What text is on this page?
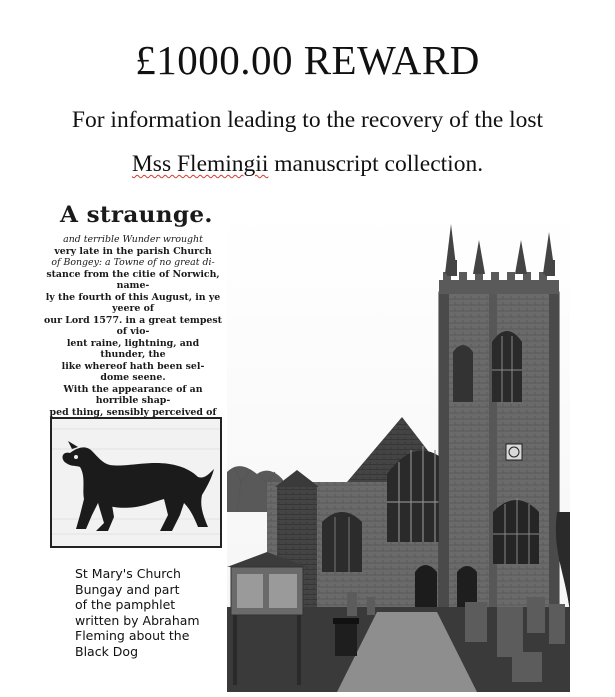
£1000.00 REWARD
For information leading to the recovery of the lost
Mss Flemingii manuscript collection.
A straunge.
and terrible Wunder wrought
very late in the parish Church
of Bongey: a Towne of no great di-
stance from the citie of Norwich, name-
ly the fourth of this August, in ye yeere of
our Lord 1577. in a great tempest of vio-
lent raine, lightning, and thunder, the
like whereof hath been sel-
dome seene.
With the appearance of an horrible shap-
ped thing, sensibly perceived of
St Mary's Church
Bungay and part
of the pamphlet
written by Abraham
Fleming about the
Black Dog
